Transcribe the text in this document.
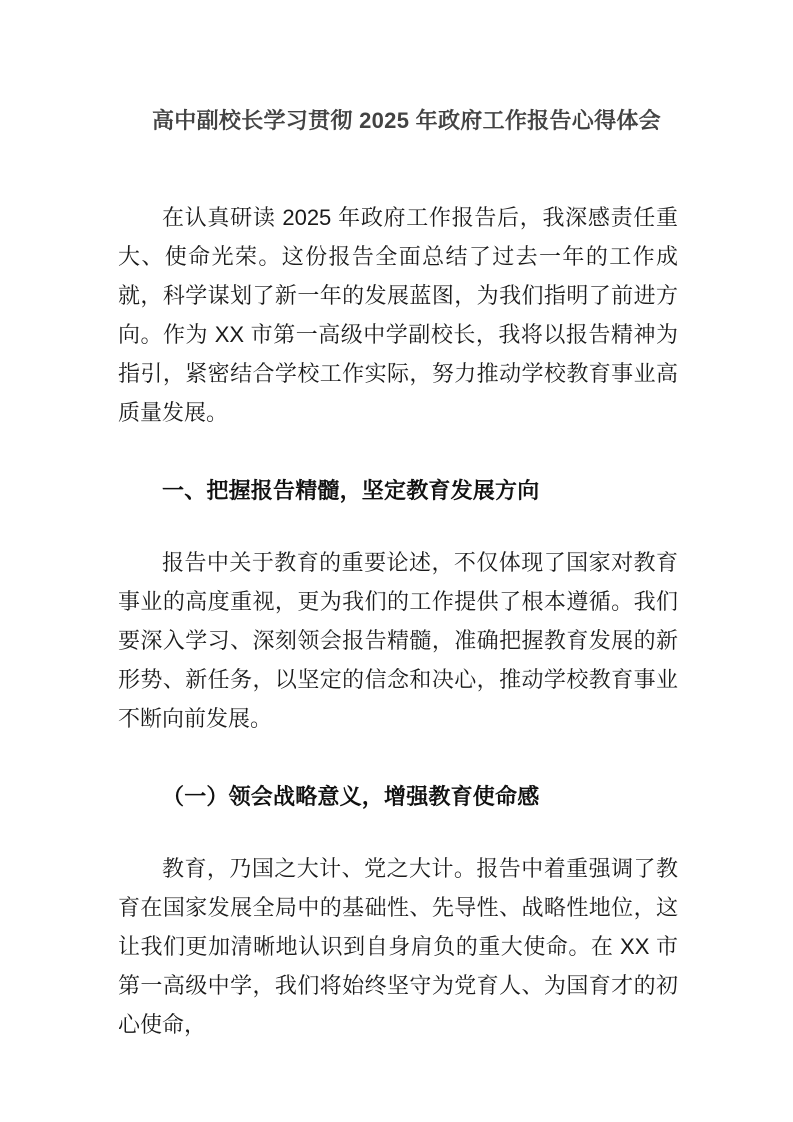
高中副校长学习贯彻 2025 年政府工作报告心得体会

在认真研读 2025 年政府工作报告后，我深感责任重大、使命光荣。这份报告全面总结了过去一年的工作成就，科学谋划了新一年的发展蓝图，为我们指明了前进方向。作为 XX 市第一高级中学副校长，我将以报告精神为指引，紧密结合学校工作实际，努力推动学校教育事业高质量发展。

一、把握报告精髓，坚定教育发展方向

报告中关于教育的重要论述，不仅体现了国家对教育事业的高度重视，更为我们的工作提供了根本遵循。我们要深入学习、深刻领会报告精髓，准确把握教育发展的新形势、新任务，以坚定的信念和决心，推动学校教育事业不断向前发展。

（一）领会战略意义，增强教育使命感

教育，乃国之大计、党之大计。报告中着重强调了教育在国家发展全局中的基础性、先导性、战略性地位，这让我们更加清晰地认识到自身肩负的重大使命。在 XX 市第一高级中学，我们将始终坚守为党育人、为国育才的初心使命，
